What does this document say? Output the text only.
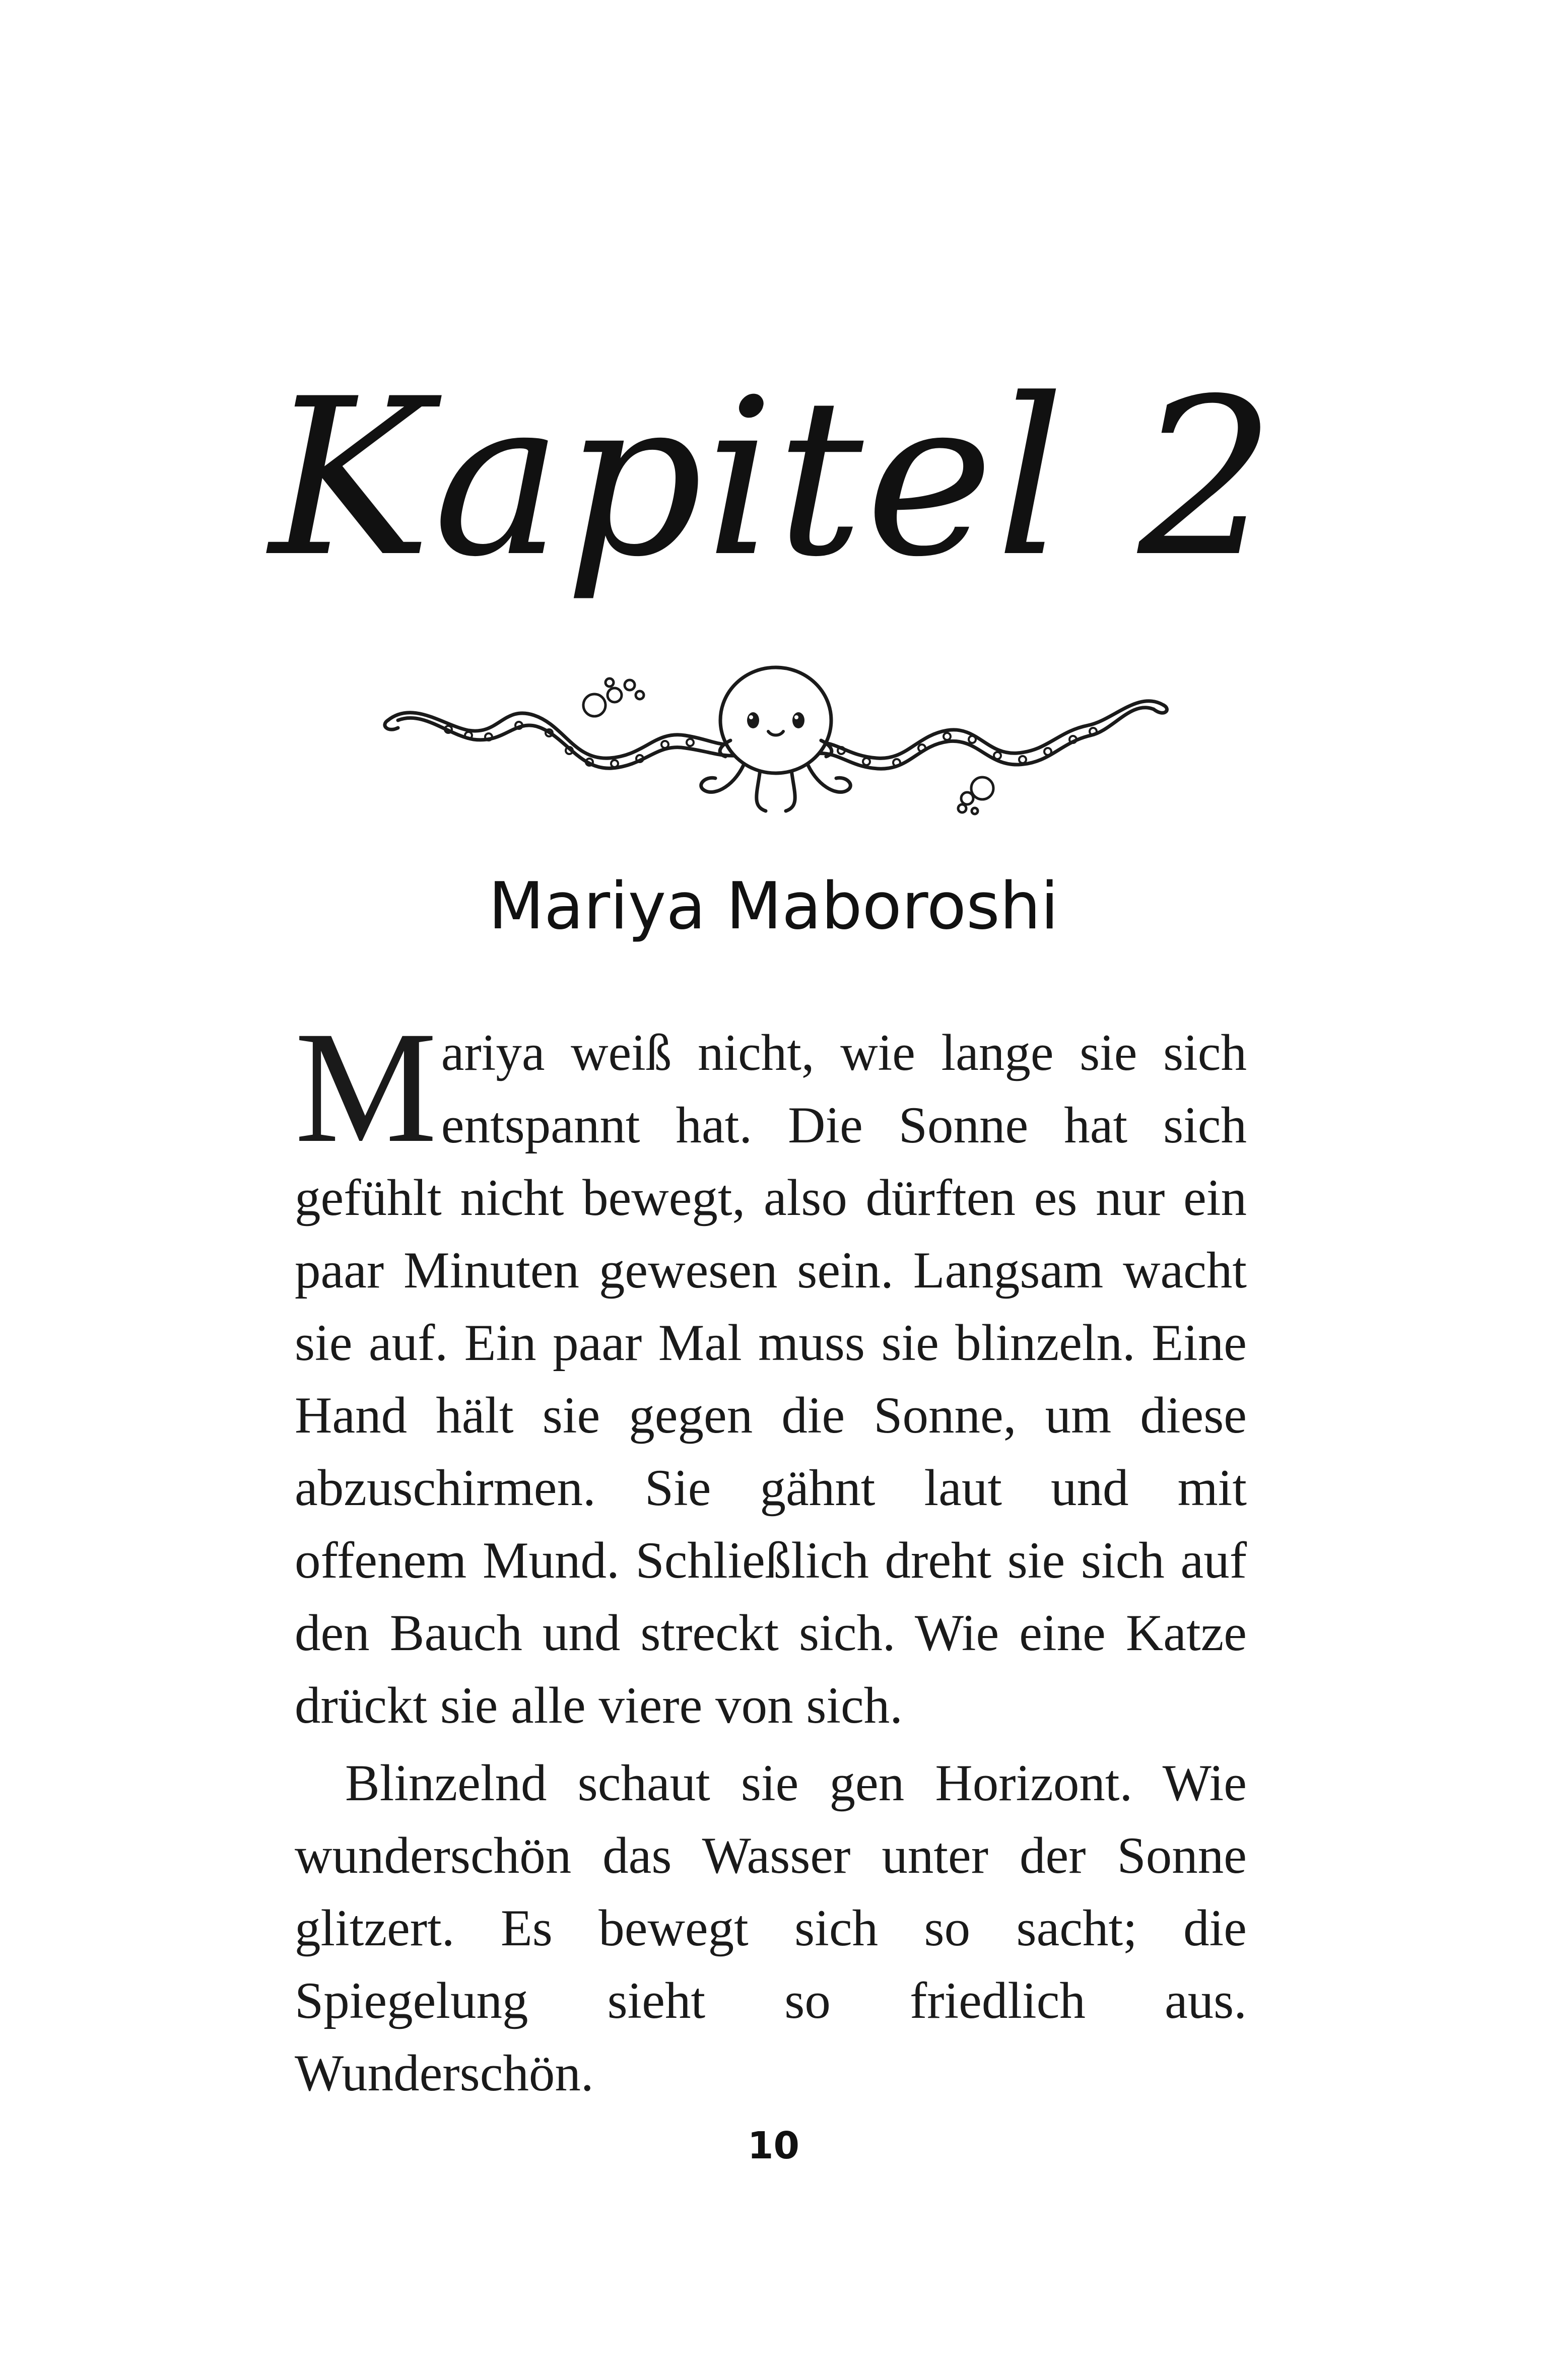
Kapitel 2
Mariya Maboroshi

Mariya weiß nicht, wie lange sie sich entspannt hat. Die Sonne hat sich gefühlt nicht bewegt, also dürften es nur ein paar Minuten gewesen sein. Langsam wacht sie auf. Ein paar Mal muss sie blinzeln. Eine Hand hält sie gegen die Sonne, um diese abzuschirmen. Sie gähnt laut und mit offenem Mund. Schließlich dreht sie sich auf den Bauch und streckt sich. Wie eine Katze drückt sie alle viere von sich.

Blinzelnd schaut sie gen Horizont. Wie wunderschön das Wasser unter der Sonne glitzert. Es bewegt sich so sacht; die Spiegelung sieht so friedlich aus. Wunderschön.

10
